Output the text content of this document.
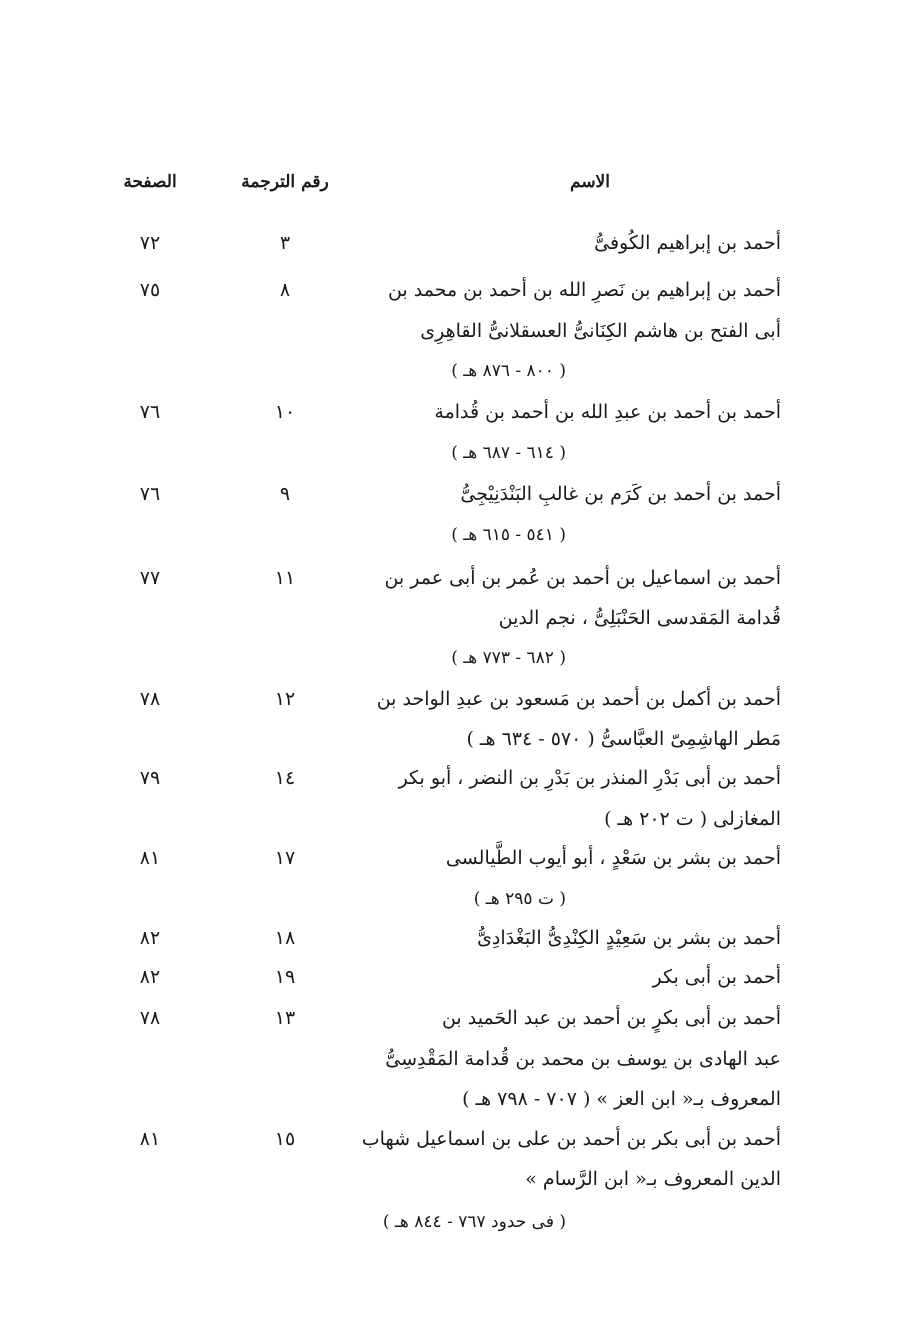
الاسم
رقم الترجمة
الصفحة
أحمد بن إبراهيم الكُوفىُّ
٣
٧٢
أحمد بن إبراهيم بن نَصرِ الله بن أحمد بن محمد بن
أبى الفتح بن هاشم الكِنَانىُّ العسقلانىُّ القاهِرِى
( ٨٠٠ - ٨٧٦ هـ )
٨
٧٥
أحمد بن أحمد بن عبدِ الله بن أحمد بن قُدامة
( ٦١٤ - ٦٨٧ هـ )
١٠
٧٦
أحمد بن أحمد بن كَرَم بن غالبِ البَنْدَنِيْجِىُّ
( ٥٤١ - ٦١٥ هـ )
٩
٧٦
أحمد بن اسماعيل بن أحمد بن عُمر بن أبى عمر بن
قُدامة المَقدسى الحَنْبَلِىُّ ، نجم الدين
( ٦٨٢ - ٧٧٣ هـ )
١١
٧٧
أحمد بن أكمل بن أحمد بن مَسعود بن عبدِ الواحد بن
مَطر الهاشِمِىّ العبَّاسىُّ ( ٥٧٠ - ٦٣٤ هـ )
١٢
٧٨
أحمد بن أبى بَدْرِ المنذر بن بَدْرِ بن النضر ، أبو بكر
المغازلى ( ت ٢٠٢ هـ )
١٤
٧٩
أحمد بن بشر بن سَعْدٍ ، أبو أيوب الطَّيالسى
( ت ٢٩٥ هـ )
١٧
٨١
أحمد بن بشر بن سَعِيْدٍ الكِنْدِىُّ البَغْدَادِىُّ
١٨
٨٢
أحمد بن أبى بكر
١٩
٨٢
أحمد بن أبى بكرٍ بن أحمد بن عبد الحَميد بن
عبد الهادى بن يوسف بن محمد بن قُدامة المَقْدِسِىُّ
المعروف بـ« ابن العز » ( ٧٠٧ - ٧٩٨ هـ )
١٣
٧٨
أحمد بن أبى بكر بن أحمد بن على بن اسماعيل شهاب
الدين المعروف بـ« ابن الرَّسام »
( فى حدود ٧٦٧ - ٨٤٤ هـ )
١٥
٨١
